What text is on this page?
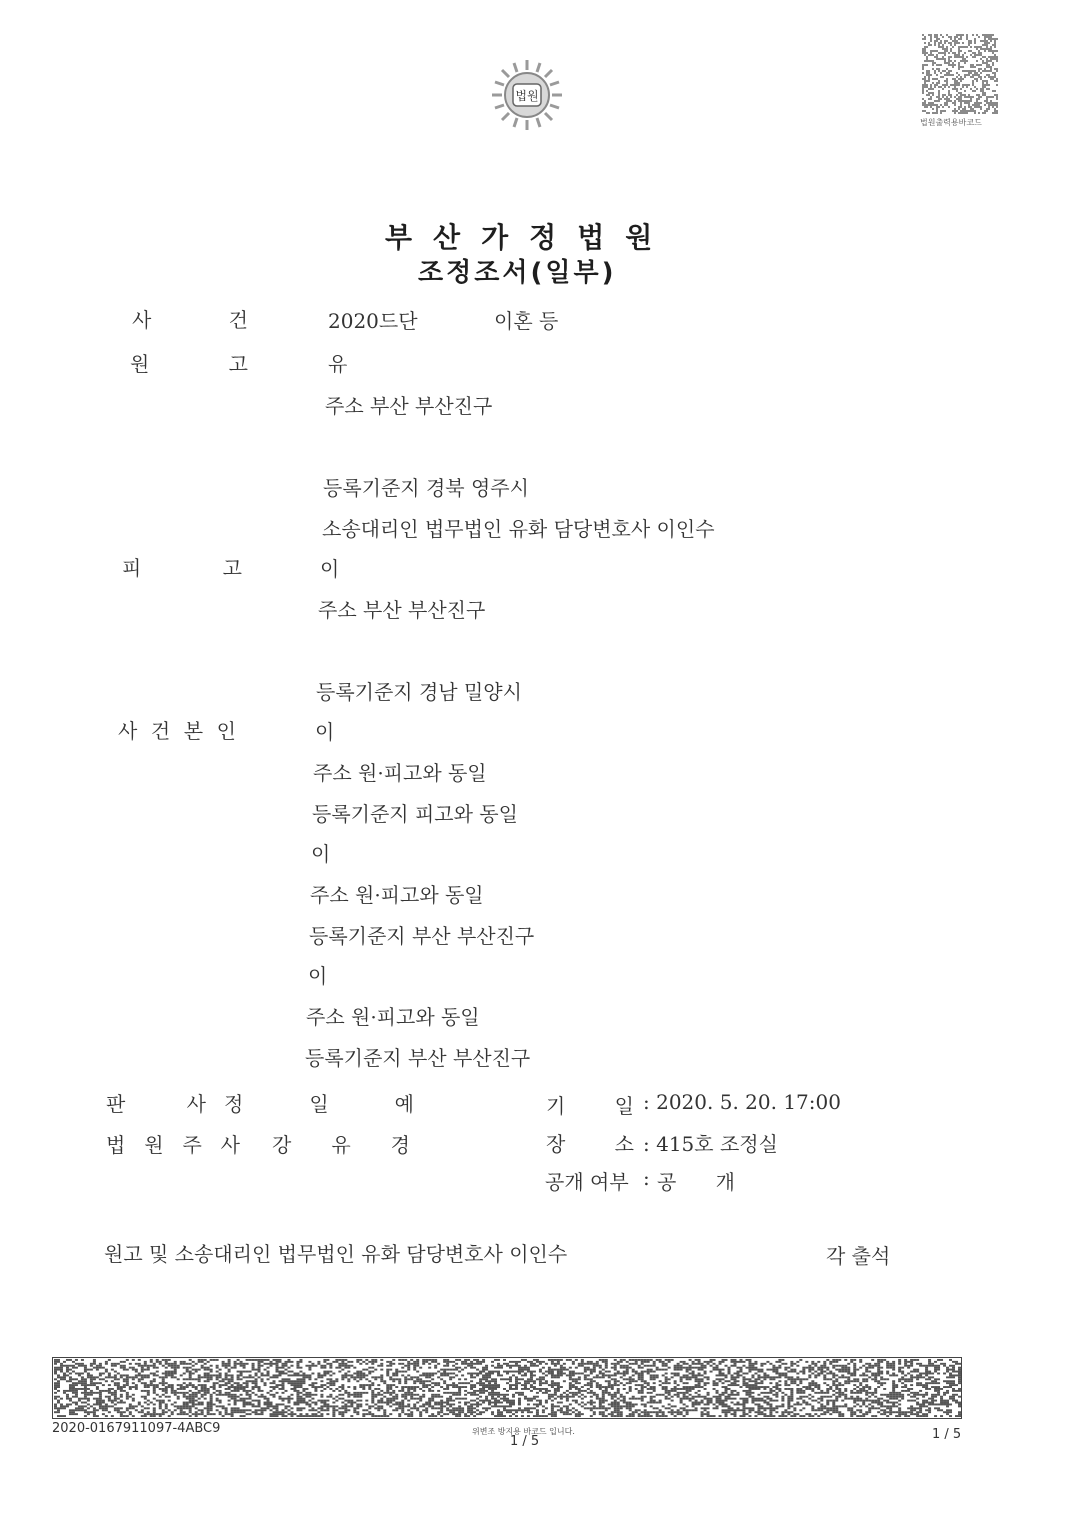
법원
법원출력용바코드
부산가정법원
조정조서(일부)
사	건	2020드단	이혼 등
원	고	유
주소 부산 부산진구
등록기준지 경북 영주시
소송대리인 법무법인 유화 담당변호사 이인수
피	고	이
주소 부산 부산진구
등록기준지 경남 밀양시
사 건 본 인	이
주소 원·피고와 동일
등록기준지 피고와 동일
이
주소 원·피고와 동일
등록기준지 부산 부산진구
이
주소 원·피고와 동일
등록기준지 부산 부산진구
판	사 정	일	예
법 원 주 사 강 유 경
기 일 : 2020. 5. 20. 17:00
장 소 : 415호 조정실
공개 여부 : 공 개
원고 및 소송대리인 법무법인 유화 담당변호사 이인수	각 출석
2020-0167911097-4ABC9	위변조 방지용 바코드 입니다.
1 / 5	1 / 5
